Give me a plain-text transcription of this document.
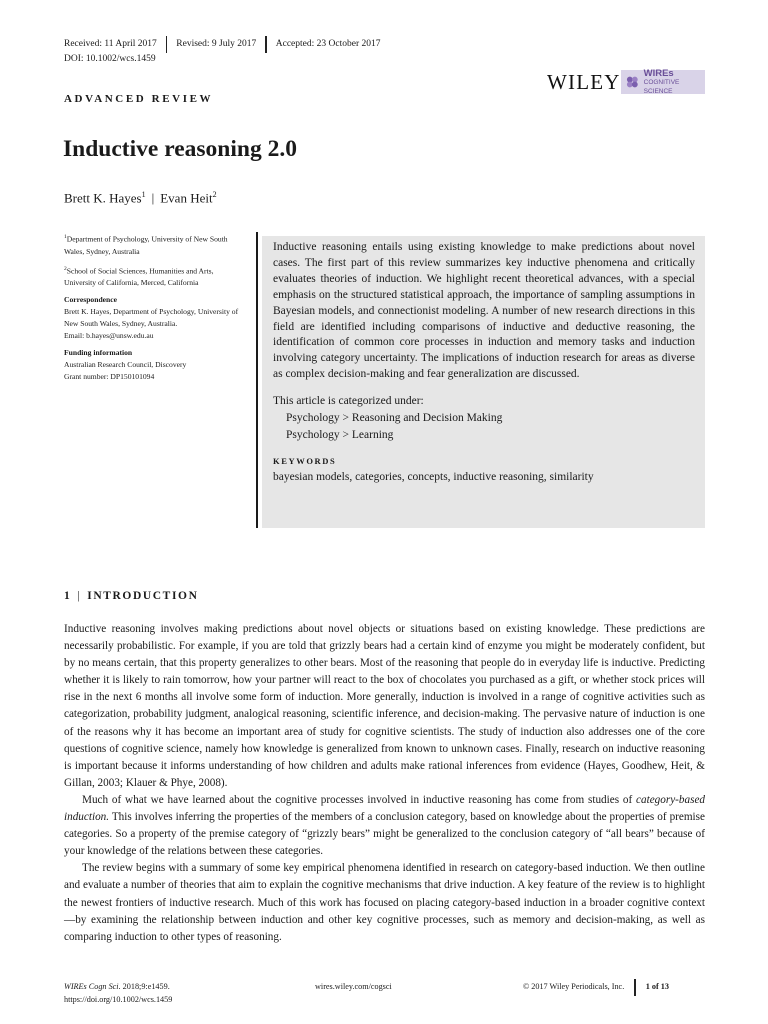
Received: 11 April 2017 Revised: 9 July 2017 Accepted: 23 October 2017
DOI: 10.1002/wcs.1459
WILEY WIREs
COGNITIVE SCIENCE
ADVANCED REVIEW
Inductive reasoning 2.0
Brett K. Hayes$^1$ | Evan Heit$^2$

$^1$Department of Psychology, University of New South Wales, Sydney, Australia

$^2$School of Social Sciences, Humanities and Arts, University of California, Merced, California

Correspondence
Brett K. Hayes, Department of Psychology, University of New South Wales, Sydney, Australia.

Email: b.hayes@unsw.edu.au

Funding information
Australian Research Council, Discovery
Grant number: DP150101094

Inductive reasoning entails using existing knowledge to make predictions about novel cases. The first part of this review summarizes key inductive phenomena and critically evaluates theories of induction. We highlight recent theoretical advances, with a special emphasis on the structured statistical approach, the importance of sampling assumptions in Bayesian models, and connectionist modeling. A number of new research directions in this field are identified including comparisons of inductive and deductive reasoning, the identification of common core processes in induction and memory tasks and induction involving category uncertainty. The implications of induction research for areas as diverse as complex decision-making and fear generalization are discussed.

This article is categorized under:
Psychology > Reasoning and Decision Making
Psychology > Learning
KEYWORDS
bayesian models, categories, concepts, inductive reasoning, similarity
1 | INTRODUCTION

Inductive reasoning involves making predictions about novel objects or situations based on existing knowledge. These predictions are necessarily probabilistic. For example, if you are told that grizzly bears had a certain kind of enzyme you might be moderately confident, but by no means certain, that this property generalizes to other bears. Most of the reasoning that people do in everyday life is inductive. Predicting whether it is likely to rain tomorrow, how your partner will react to the box of chocolates you purchased as a gift, or whether stock prices will rise in the next 6 months all involve some form of induction. More generally, induction is involved in a range of cognitive activities such as categorization, probability judgment, analogical reasoning, scientific inference, and decision-making. The pervasive nature of induction is one of the reasons why it has become an important area of study for cognitive scientists. The study of induction also addresses one of the core questions of cognitive science, namely how knowledge is generalized from known to unknown cases. Finally, research on inductive reasoning is important because it informs understanding of how children and adults make rational inferences from evidence (Hayes, Goodhew, Heit, & Gillan, 2003; Klauer & Phye, 2008).

Much of what we have learned about the cognitive processes involved in inductive reasoning has come from studies of category-based induction. This involves inferring the properties of the members of a conclusion category, based on knowledge about the properties of premise categories. So a property of the premise category of “grizzly bears” might be generalized to the conclusion category of “all bears” because of your knowledge of the relations between these categories.

The review begins with a summary of some key empirical phenomena identified in research on category-based induction. We then outline and evaluate a number of theories that aim to explain the cognitive mechanisms that drive induction. A key feature of the review is to highlight the newest frontiers of inductive research. Much of this work has focused on placing category-based induction in a broader cognitive context—by examining the relationship between induction and other key cognitive processes, such as memory and decision-making, as well as comparing induction to other types of reasoning.

WIREs Cogn Sci. 2018;9:e1459.
https://doi.org/10.1002/wcs.1459
wires.wiley.com/cogsci	© 2017 Wiley Periodicals, Inc.	1 of 13
